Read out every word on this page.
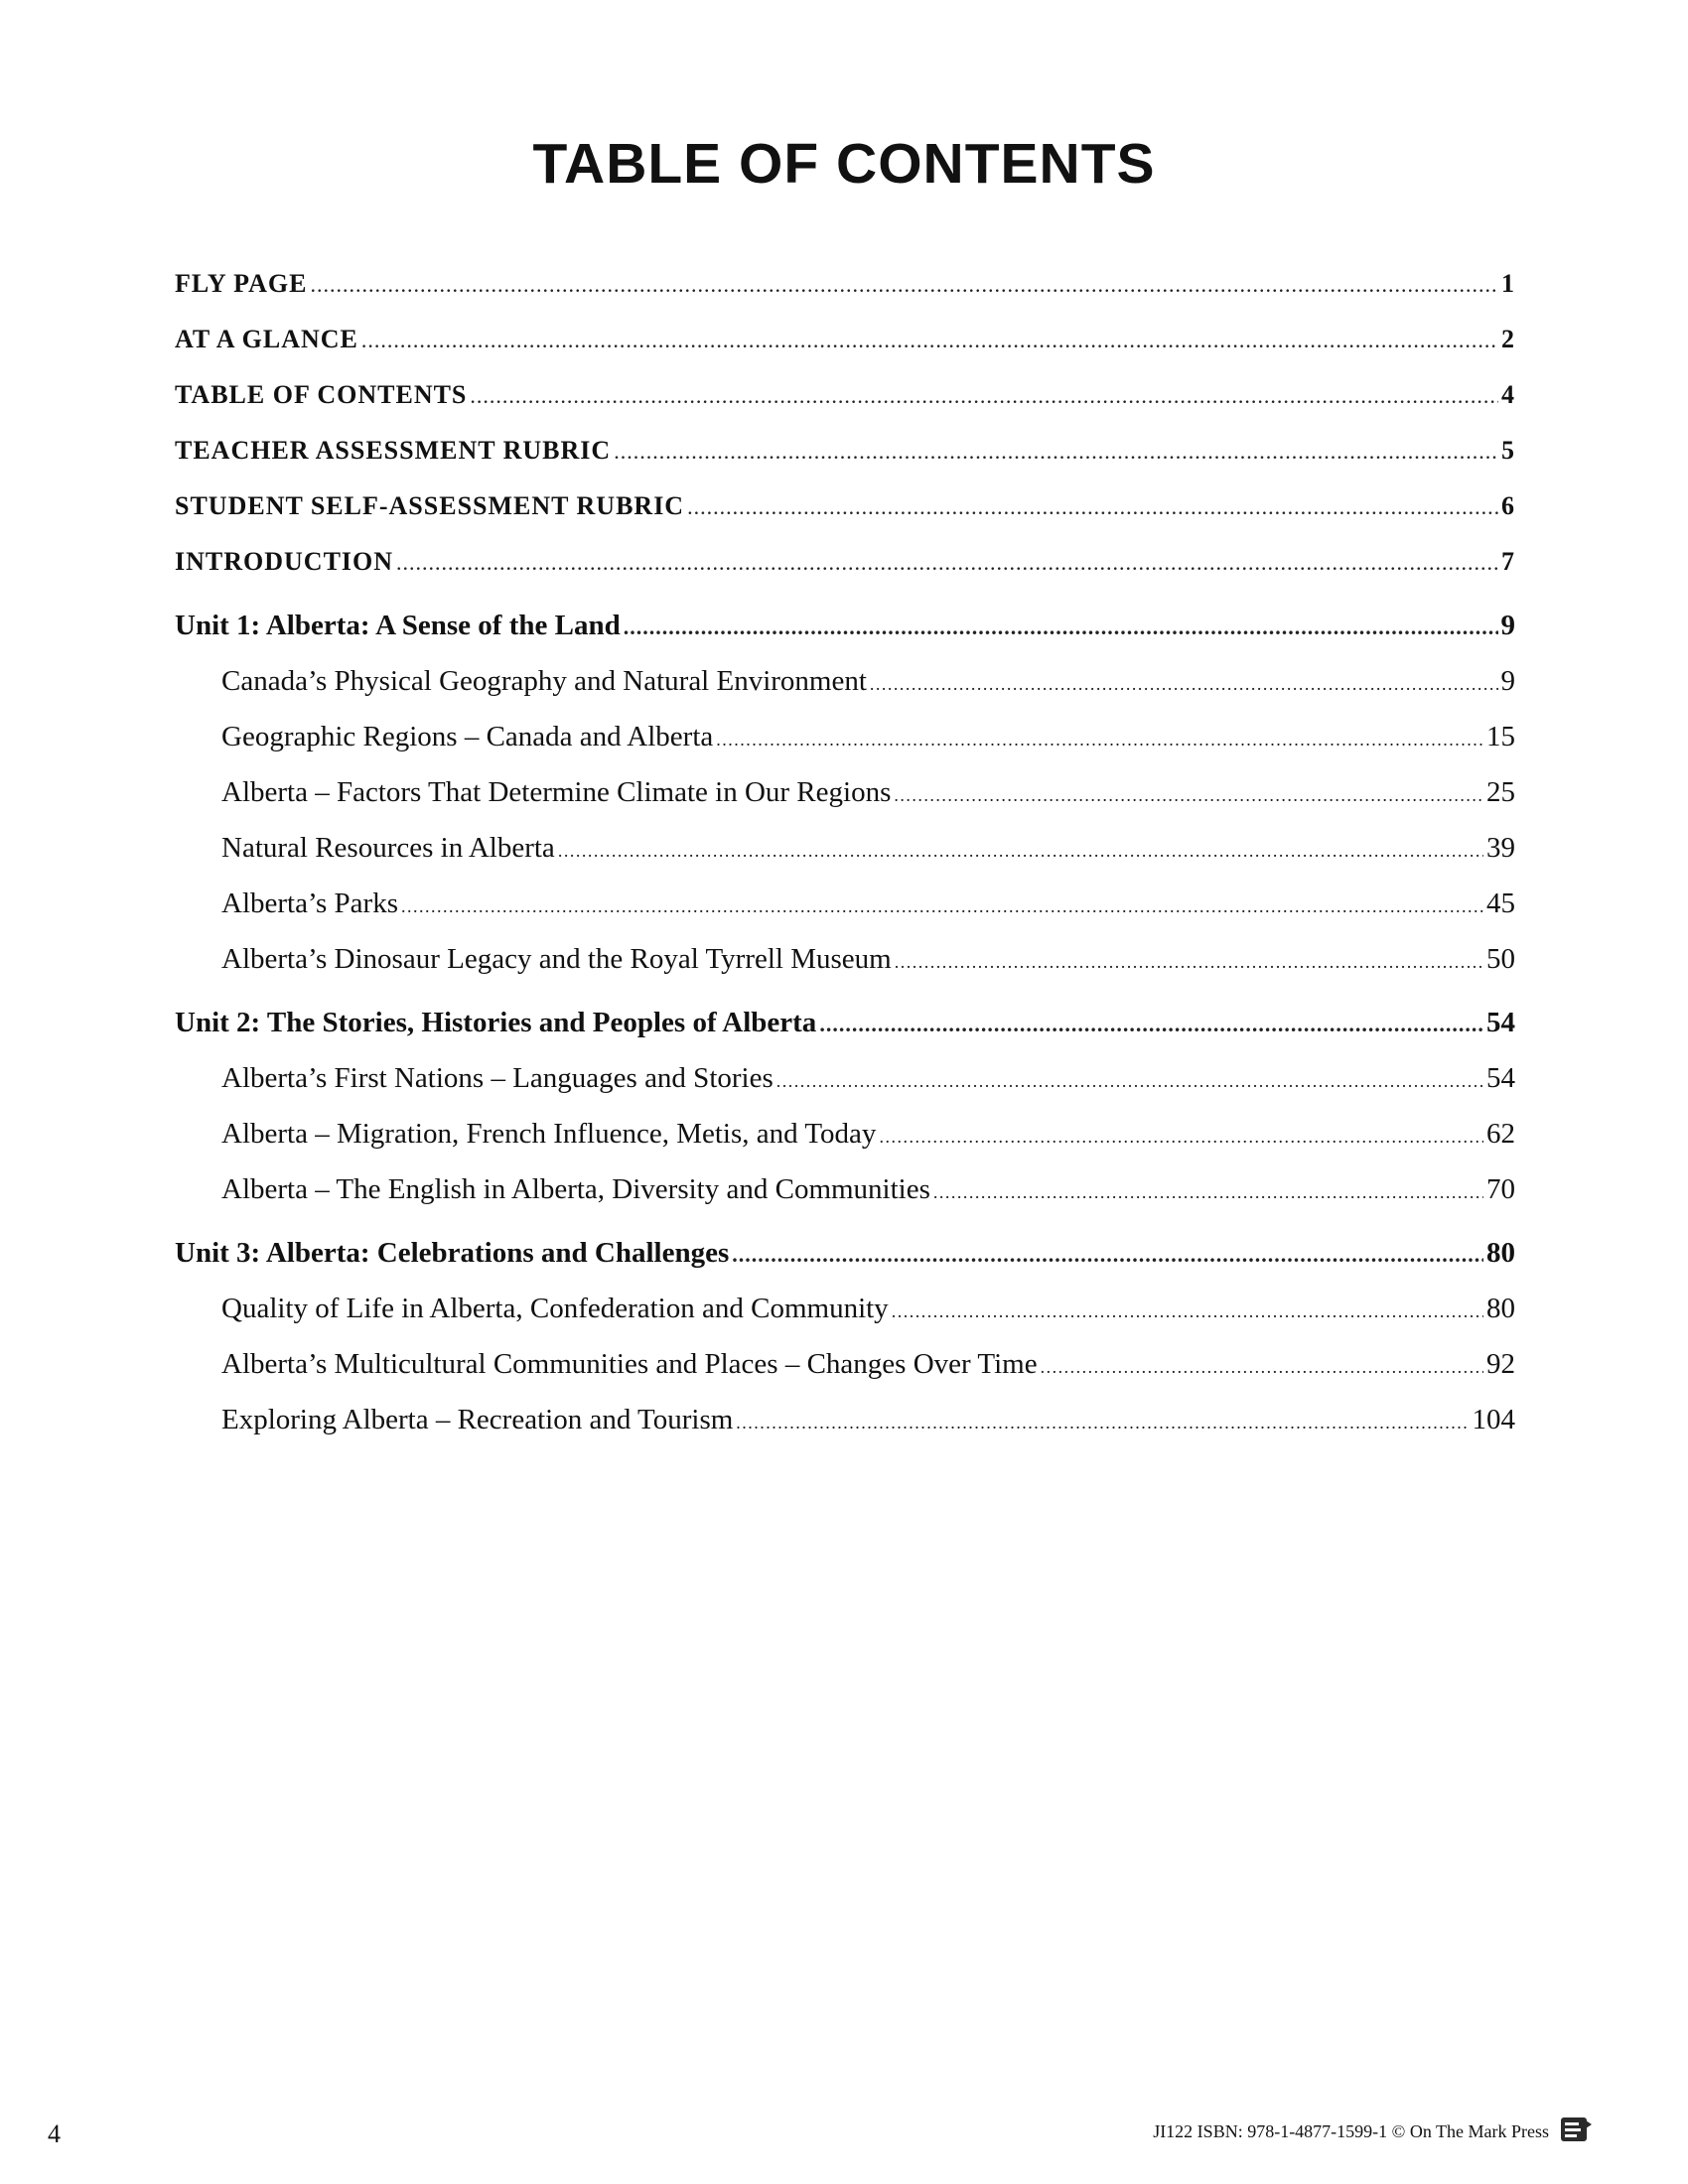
TABLE OF CONTENTS
FLY PAGE .....	1
AT A GLANCE .....	2
TABLE OF CONTENTS .....	4
TEACHER ASSESSMENT RUBRIC .....	5
STUDENT SELF-ASSESSMENT RUBRIC .....	6
INTRODUCTION .....	7
Unit 1: Alberta: A Sense of the Land .....	9
Canada’s Physical Geography and Natural Environment .....	9
Geographic Regions – Canada and Alberta .....	15
Alberta – Factors That Determine Climate in Our Regions .....	25
Natural Resources in Alberta .....	39
Alberta’s Parks .....	45
Alberta’s Dinosaur Legacy and the Royal Tyrrell Museum .....	50
Unit 2: The Stories, Histories and Peoples of Alberta .....	54
Alberta’s First Nations – Languages and Stories .....	54
Alberta – Migration, French Influence, Metis, and Today .....	62
Alberta – The English in Alberta, Diversity and Communities .....	70
Unit 3: Alberta: Celebrations and Challenges .....	80
Quality of Life in Alberta, Confederation and Community .....	80
Alberta’s Multicultural Communities and Places – Changes Over Time .....	92
Exploring Alberta – Recreation and Tourism .....	104
4	JI122 ISBN: 978-1-4877-1599-1 © On The Mark Press
